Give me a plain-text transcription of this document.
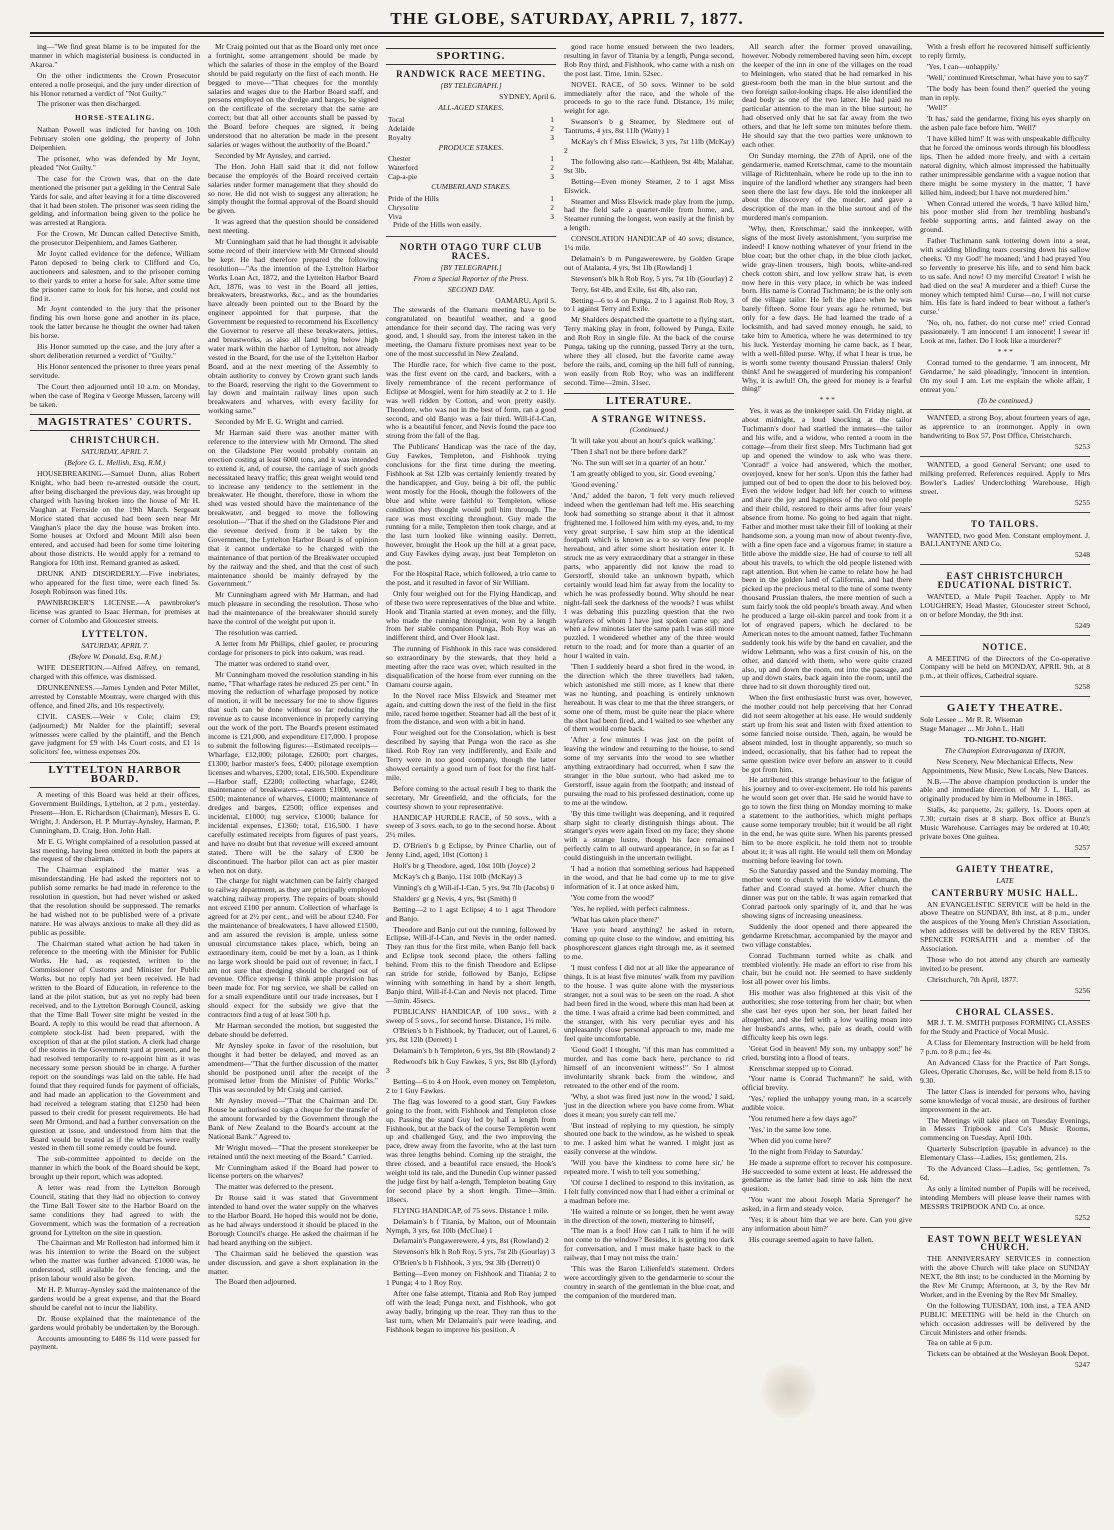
THE GLOBE, SATURDAY, APRIL 7, 1877.

ing—"We find great blame is to be imputed for the manner in which magisterial business is conducted in Akaroa."

On the other indictments the Crown Prosecutor entered a nolle prosequi, and the jury under direction of his Honor returned a verdict of "Not Guilty."

The prisoner was then discharged.

HORSE-STEALING.

Nathan Powell was indicted for having on 10th February stolen one gelding, the property of John Deipenhien.

The prisoner, who was defended by Mr Joynt, pleaded "Not Guilty."

The case for the Crown was, that on the date mentioned the prisoner put a gelding in the Central Sale Yards for sale, and after leaving it for a time discovered that it had been stolen. The prisoner was seen riding the gelding, and information being given to the police he was arrested at Rangiora.

For the Crown, Mr Duncan called Detective Smith, the prosecutor Deipenhiem, and James Gatherer.

Mr Joynt called evidence for the defence, William Paton deposed to being clerk to Clifford and Co, auctioneers and salesmen, and to the prisoner coming to their yards to enter a horse for sale. After some time the prisoner came to look for his horse, and could not find it.

Mr Joynt contended to the jury that the prisoner finding his own horse gone and another in its place, took the latter because he thought the owner had taken his horse.

His Honor summed up the case, and the jury after a short deliberation returned a verdict of "Guilty."

His Honor sentenced the prisoner to three years penal servitude.

The Court then adjourned until 10 a.m. on Monday, when the case of Regina v George Mussen, larceny will be taken.

MAGISTRATES' COURTS.
CHRISTCHURCH.
SATURDAY, APRIL 7.
(Before G. L. Mellish, Esq, R.M.)

HOUSEBREAKING.—Samuel Dunn, alias Robert Knight, who had been re-arrested outside the court, after being discharged the previous day, was brought up charged with having broken into the house of Mr H. Vaughan at Fernside on the 19th March. Sergeant Morice stated that accused had been seen near Mr Vaughan's place the day the house was broken into. Some houses at Oxford and Mount Mill also been entered, and accused had been for some time loitering about those districts. He would apply for a remand to Rangiora for 10th inst. Remand granted as asked.

DRUNK AND DISORDERLY.—Five inebriates, who appeared for the first time, were each fined 5s. Joseph Robinson was fined 10s.

PAWNBROKER'S LICENSE.—A pawnbroker's license was granted to Isaac Herman, for premises at corner of Colombo and Gloucester streets.

LYTTELTON.
SATURDAY, APRIL 7.
(Before W. Donald, Esq, R.M.)

WIFE DESERTION.—Alfred Alfrey, on remand, charged with this offence, was dismissed.

DRUNKENNESS.—James Lynden and Peter Millet, arrested by Constable Moutray, were charged with this offence, and fined 20s, and 10s respectively.

CIVIL CASES.—Weir v Cole; claim £9; (adjourned;) Mr Nalder for the plaintiff; several witnesses were called by the plaintiff, and the Bench gave judgment for £9 with 14s Court costs, and £1 1s solicitors' fee, witness expenses 20s.

LYTTELTON HARBOR BOARD.

A meeting of this Board was held at their offices, Government Buildings, Lyttelton, at 2 p.m., yesterday. Present—Hon. E. Richardson (Chairman), Messrs E. G. Wright, J. Anderson, H. P. Murray-Aynsley, Harman, P. Cunningham, D. Craig, Hon. John Hall.

Mr E. G. Wright complained of a resolution passed at last meeting, having been omitted in both the papers at the request of the chairman.

The Chairman explained the matter was a misunderstanding. He had asked the reporters not to publish some remarks he had made in reference to the resolution in question, but had never wished or asked that the resolution should be suppressed. The remarks he had wished not to be published were of a private nature. He was always anxious to make all they did as public as possible.

The Chairman stated what action he had taken in reference to the meeting with the Minister for Public Works. He had, as requested, written to the Commissioner of Customs and Minister for Public Works, but no reply had yet been received. He had written to the Board of Education, in reference to the land at the pilot station, but as yet no reply had been received, and to the Lyttelton Borough Council, asking that the Time Ball Tower site might be vested in the Board. A reply to this would be read that afternoon. A complete stock-list had been prepared, with the exception of that at the pilot station. A clerk had charge of the stores in the Government yard at present, and he had resolved temporarily to re-appoint him as it was necessary some person should be in charge. A further report on the soundings was laid on the table. He had found that they required funds for payment of officials, and had made an application to the Government and had received a telegram stating that £1250 had been passed to their credit for present requirements. He had seen Mr Ormond, and had a further conversation on the question at issue, and understood from him that the Board would be treated as if the wharves were really vested in them till some remedy could be found.

The sub-committee appointed to decide on the manner in which the book of the Board should be kept, brought up their report, which was adopted.

A letter was read from the Lyttelton Borough Council, stating that they had no objection to convey the Time Ball Tower site to the Harbor Board on the same conditions they had agreed to with the Government, which was the formation of a recreation ground for Lyttelton on the site in question.

The Chairman and Mr Rolleston had informed him it was his intention to write the Board on the subject when the matter was further advanced. £1000 was, he understood, still available for the fencing, and the prison labour would also be given.

Mr H. P. Murray-Aynsley said the maintenance of the gardens would be a great expense, and that the Board should be careful not to incur the liability.

Dr. Rouse explained that the maintenance of the gardens would probably be undertaken by the Borough.

Accounts amounting to £486 9s 11d were passed for payment.

Mr Craig pointed out that as the Board only met once a fortnight, some arrangement should be made by which the salaries of those in the employ of the Board should be paid regularly on the first of each month. He begged to move—"That cheques for the monthly salaries and wages due to the Harbor Board staff, and persons employed on the dredge and barges, be signed on the certificate of the secretary that the same are correct; but that all other accounts shall be passed by the Board before cheques are signed, it being understood that no alteration be made in the present salaries or wages without the authority of the Board."

Seconded by Mr Aynsley, and carried.

The Hon. John Hall said that it did not follow because the employés of the Board received certain salaries under former management that they should do so now. He did not wish to suggest any alteration; he simply thought the formal approval of the Board should be given.

It was agreed that the question should be considered next meeting.

Mr Cunningham said that he had thought it advisable some record of their interview with Mr Ormond should be kept. He had therefore prepared the following resolution—"As the intention of the Lyttelton Harbor Works Loan Act, 1872, and the Lyttelton Harbor Board Act, 1876, was to vest in the Board all jetties, breakwaters, breastworks, &c., and as the boundaries have already been pointed out to the Board by the engineer appointed for that purpose, that the Government be requested to recommend his Excellency the Governor to reserve all these breakwaters, jetties, and breastworks, as also all land lying below high water mark within the harbor of Lyttelton, not already vested in the Board, for the use of the Lyttelton Harbor Board, and at the next meeting of the Assembly to obtain authority to convey by Crown grant such lands to the Board, reserving the right to the Government to lay down and maintain railway lines upon such breakwaters and wharves, with every facility for working same."

Seconded by Mr E. G. Wright and carried.

Mr Harman said there was another matter with reference to the interview with Mr Ormond. The shed on the Gladstone Pier would probably contain an erection costing at least 6000 tons, and it was intended to extend it, and, of course, the carriage of such goods necessitated heavy traffic; this great weight would tend to increase any tendency to the settlement in the breakwater. He thought, therefore, those in whom the shed was vested should have the maintenance of the breakwater, and begged to move the following resolution—"That if the shed on the Gladstone Pier and the revenue derived from it be taken by the Government, the Lyttelton Harbor Board is of opinion that it cannot undertake to be charged with the maintenance of that portion of the Breakwater occupied by the railway and the shed, and that the cost of such maintenance should be mainly defrayed by the Government."

Mr Cunningham agreed with Mr Harman, and had much pleasure in seconding the resolution. Those who had the maintenance of the breakwater should surely have the control of the weight put upon it.

The resolution was carried.

A letter from Mr Phillips, chief gaoler, re procuring cordage for prisoners to pick into oakum, was read.

The matter was ordered to stand over.

Mr Cunningham moved the resolution standing in his name, "That wharfage rates be reduced 25 per cent." In moving the reduction of wharfage proposed by notice of motion, it will be necessary for me to show figures that such can be done without so far reducing the revenue as to cause inconvenience in properly carrying out the work of the port. The Board's present estimated income is £21,000, and expenditure £17,000. I propose to submit the following figures:—Estimated receipts—Wharfage, £12,000; pilotage, £2600; port charges, £1300; harbor master's fees, £400; pilotage exemption licenses and wharves, £200; total, £16,500. Expenditure—Harbor staff, £2200; collecting wharfage, £240; maintenance of breakwaters—eastern £1000, western £500; maintenance of wharves, £1000; maintenance of dredges and barges, £2500; office expenses and incidental, £1000; tug service, £1000; balance for incidental expenses, £1360; total, £16,500. I have carefully estimated receipts from figures of past years, and have no doubt but that revenue will exceed amount stated. There will be the salary of £300 be discontinued. The harbor pilot can act as pier master when not on duty.

The charge for night watchmen can be fairly charged to railway department, as they are principally employed watching railway property. The repairs of boats should not exceed £100 per annum. Collection of wharfage is agreed for at 2½ per cent., and will be about £240. For the maintenance of breakwaters, I have allowed £1500, and am assured the revision is ample, unless some unusual circumstance takes place, which, being an extraordinary item, could be met by a loan, as I think no large work should be paid out of revenue; in fact, I am not sure that dredging should be charged out of revenue. Office expense I think ample provision has been made for. For tug service, we shall be called on for a small expenditure until our trade increases, but I should expect for the subsidy we give that the contractors find a tug of at least 500 h.p.

Mr Harman seconded the motion, but suggested the debate should be deferred.

Mr Aynsley spoke in favor of the resolution, but thought it had better be delayed, and moved as an amendment—"That the further discussion of the matter should be postponed until after the receipt of the promised letter from the Minister of Public Works." This was seconded by Mr Craig and carried.

Mr Aynsley moved—"That the Chairman and Dr. Rouse be authorised to sign a cheque for the transfer of the amount forwarded by the Government through the Bank of New Zealand to the Board's account at the National Bank." Agreed to.

Mr Wright moved—"That the present storekeeper be retained until the next meeting of the Board." Carried.

Mr Cunningham asked if the Board had power to license porters on the wharves?

The matter was deferred to the present.

Dr Rouse said it was stated that Government intended to hand over the water supply on the wharves to the Harbor Board. He hoped this would not be done, as he had always understood it should be placed in the Borough Council's charge. He asked the chairman if he had heard anything on the subject.

The Chairman said he believed the question was under discussion, and gave a short explanation in the matter.

The Board then adjourned.

SPORTING.
RANDWICK RACE MEETING.
[BY TELEGRAPH.]
SYDNEY, April 6.
ALL-AGED STAKES.
Tocal	1
Adelaide	2
Royalty	3
PRODUCE STAKES.
Chester	1
Waterford	2
Cap-a-pie	3
CUMBERLAND STAKES.
Pride of the Hills	1
Chrysolite	2
Viva	3

Pride of the Hills won easily.

NORTH OTAGO TURF CLUB RACES.
[BY TELEGRAPH.]
From a Special Reporter of the Press.
SECOND DAY.
OAMARU, April 5.

The stewards of the Oamaru meeting have to be congratulated on beautiful weather, and a good attendance for their second day. The racing was very good, and, I should say, from the interest taken in the meeting, the Oamaru fixture promises next year to be one of the most successful in New Zealand.

The Hurdle race, for which five came to the post, was the first event on the card, and backers, with a lively remembrance of the recent performance of Eclipse at Mosgiel, went for him steadily at 2 to 1. He was well ridden by Cotton, and won pretty easily. Theodore, who was not in the best of form, ran a good second, and old Banjo was a fair third. Will-if-I-Can, who is a beautiful fencer, and Nevis found the pace too strong from the fall of the flag.

The Publicans' Handicap was the race of the day, Guy Fawkes, Templeton, and Fishhook trying conclusions for the first time during the meeting. Fishhook at Sst 12lb was certainly leniently treated by the handicapper, and Guy, being a bit off, the public went mostly for the Hook, though the followers of the blue and white were faithful to Templeton, whose condition they thought would pull him through. The race was most exciting throughout. Guy made the running for a mile, Templeton then took charge, and at the last turn looked like winning easily. Derrett, however, brought the Hook up the hill at a great pace, and Guy Fawkes dying away, just beat Templeton on the post.

For the Hospital Race, which followed, a trio came to the post, and it resulted in favor of Sir William.

Only four weighed out for the Flying Handicap, and of these two were representatives of the blue and white. Hook and Titania started at even money, and the filly, who made the running throughout, won by a length from her stable companion Punga, Rob Roy was an indifferent third, and Over Hook last.

The running of Fishhook in this race was considered so extraordinary by the stewards, that they held a meeting after the race was over, which resulted in the disqualification of the horse from ever running on the Oamaru course again.

In the Novel race Miss Elswick and Steamer met again, and cutting down the rest of the field in the first mile, raced home together. Steamer had all the best of it from the distance, and won with a bit in hand.

Four weighed out for the Consolation, which is best described by saying that Punga won the race as she liked. Rob Roy ran very indifferently, and Exile and Terry were in too good company, though the latter showed certainly a good turn of foot for the first half-mile.

Before coming to the actual result I beg to thank the secretary, Mr Greenfield, and the officials, for the courtesy shown to your representative.

HANDICAP HURDLE RACE, of 50 sovs., with a sweep of 3 sovs. each, to go to the second horse. About 2½ miles.

D. O'Brien's b g Eclipse, by Prince Charlie, out of Jenny Lind, aged, 10st (Cotton) 1

Holt's br g Theodore, aged, 10st 10lb (Joyce) 2

McKay's ch g Banjo, 11st 10lb (McKay) 3

Vinning's ch g Will-if-I-Can, 5 yrs, 9st 7lb (Jacobs) 0

Shalders' gr g Nevis, 4 yrs, 9st (Smith) 0

Betting—2 to 1 agst Eclipse; 4 to 1 agst Theodore and Banjo.

Theodore and Banjo cut out the running, followed by Eclipse, Will-if-I-Can, and Nevis in the order named. They ran thus for the first mile, when Banjo fell back and Eclipse took second place, the others falling behind. From this to the finish Theodore and Eclipse ran stride for stride, followed by Banjo, Eclipse winning with something in hand by a short length, Banjo third, Will-if-I-Can and Nevis not placed. Time—5min. 45secs.

PUBLICANS' HANDICAP, of 100 sovs., with a sweep of 5 sovs., for second horse. Distance, 1½ mile.

O'Brien's b h Fishhook, by Traducer, out of Laurel, 6 yrs, 8st 12lb (Derrett) 1

Delamain's b h Templeton, 6 yrs, 9st 8lb (Rowland) 2

Redwood's blk h Guy Fawkes, 5 yrs, 9st 8lb (Lyford) 3

Betting—6 to 4 on Hook, even money on Templeton, 2 to 1 Guy Fawkes.

The flag was lowered to a good start, Guy Fawkes going to the front, with Fishhook and Templeton close up. Passing the stand Guy led by half a length from Fishhook, but at the back of the course Templeton went up and challenged Guy, and the two improving the pace, drew away from the favorite, who at the last turn was three lengths behind. Coming up the straight, the three closed, and a beautiful race ensued, the Hook's weight told its tale, and the Dunedin Cup winner passed the judge first by half a-length, Templeton beating Guy for second place by a short length. Time—3min. 18secs.

FLYING HANDICAP, of 75 sovs. Distance 1 mile.

Delamain's b f Titania, by Malton, out of Mountain Nymph, 3 yrs, 6st 10lb (McClue) 1

Delamain's Pungawerewere, 4 yrs, 8st (Rowland) 2

Stevenson's blk h Rob Roy, 5 yrs, 7st 2lb (Gourlay) 3

O'Brien's b h Fishhook, 3 yrs, 9st 3lb (Derrett) 0

Betting—Even money on Fishhook and Titania; 2 to 1 Punga; 4 to 1 Roy Roy.

After one false attempt, Titania and Rob Roy jumped off with the lead; Punga next, and Fishhook, who got away badly, bringing up the rear. They ran thus to the last turn, when Mr Delamain's pair were leading, and Fishhook began to improve his position. A

good race home ensued between the two leaders, resulting in favor of Titania by a length, Punga second, Rob Roy third, and Fishhook, who came with a rush on the post last. Time, 1min. 52sec.

NOVEL RACE, of 50 sovs. Winner to be sold immediately after the race, and the whole of the proceeds to go to the race fund. Distance, 1½ mile; weight for age.

Swanson's b g Steamer, by Sledmere out of Tantrums, 4 yrs, 8st 11lb (Watty) 1

McKay's ch f Miss Elswick, 3 yrs, 7st 11lb (McKay) 2

The following also ran:—Kathleen, 9st 4lb; Malahar, 9st 3lb.

Betting—Even money Steamer, 2 to 1 agst Miss Elswick.

Steamer and Miss Elswick made play from the jump, had the field safe a quarter-mile from home, and, Steamer running the longest, won easily at the finish by a length.

CONSOLATION HANDICAP of 40 sovs; distance, 1¼ mile.

Delamain's b m Pungawerewere, by Golden Grape out of Atalanta, 4 yrs, 9st 1lb (Rowland) 1

Stevenson's blk h Rob Roy, 5 yrs, 7st 1lb (Gourlay) 2

Terry, 6st 4lb, and Exile, 6st 4lb, also ran.

Betting—6 to 4 on Punga, 2 to 1 against Rob Roy, 3 to 1 against Terry and Exile.

Mr Shalders despatched the quartette to a flying start, Terry making play in front, followed by Punga, Exile and Rob Roy in single file. At the back of the course Punga, taking up the running, passed Terry at the turn, where they all closed, but the favorite came away before the rails, and, coming up the hill full of running, won easily from Rob Roy, who was an indifferent second. Time—2min. 31sec.

LITERATURE.
A STRANGE WITNESS.
(Continued.)

'It will take you about an hour's quick walking.'

'Then I sha'l not be there before dark?'

'No. The sun will set in a quarter of an hour.'

'I am greatly obliged to you, sir. Good evening.'

'Good evening.'

'And,' added the baron, 'I felt very much relieved indeed when the gentleman had left me. His searching look had something so strange about it that it almost frightened me. I followed him with my eyes, and, to my very great surprise, I saw him stop at the identical footpath which is known as a to so very few people hereabout, and after some short hesitation enter it. It struck me as very extraordinary that a stranger in these parts, who apparently did not know the road to Gerstorff, should take an unknown bypath, which certainly would lead him far away from the locality to which he was professedly bound. Why should he near night-fall seek the darkness of the woods? I was whilst I was debating this puzzling question that the two wayfarers of whom I have just spoken came up; and when a few minutes later the same path I was still more puzzled. I wondered whether any of the three would return to the road; and for more than a quarter of an hour I waited in vain.

'Then I suddenly heard a shot fired in the wood, in the direction which the three travellers had taken, which astonished me still more, as I knew that there was no hunting, and poaching is entirely unknown hereabout. It was clear to me that the three strangers, or some one of them, must be quite near the place where the shot had been fired, and I waited to see whether any of them would come back.

'After a few minutes I was just on the point of leaving the window and returning to the house, to send some of my servants into the wood to see whether anything extraordinary had occurred, when I saw the stranger in the blue surtout, who had asked me to Gerstorff, issue again from the footpath; and instead of pursuing the road to his professed destination, come up to me at the window.

'By this time twilight was deepening, and it required sharp sight to clearly distinguish things about. The stranger's eyes were again fixed on my face; they shone with a strange lustre, though his face remained perfectly calm to all outward appearance, in so far as I could distinguish in the uncertain twilight.

'I had a notion that something serious had happened in the wood, and that he had come up to me to give information of it. I at once asked him,

'You come from the wood?'

'Yes, he replied, with perfect calmness.

'What has taken place there?'

'Have you heard anything? he asked in return, coming up quite close to the window, and emitting his phosphorescent glances right through me, as it seemed to me.

'I must confess I did not at all like the appearance of things. It is at least five minutes' walk from my pavilion to the house. I was quite alone with the mysterious stranger, not a soul was to be seen on the road. A shot had been fired in the wood, where this man had been at the time. I was afraid a crime had been committed, and the stranger, with his very peculiar eyes and his unpleasantly close personal approach to me, made me feel quite uncomfortable.

'Good God! I thought, "if this man has committed a murder, and has come back here, perchance to rid himself of an inconvenient witness!" So I almost involuntarily shrank back from the window, and retreated to the other end of the room.

'Why, a shot was fired just now in the wood,' I said, 'just in the direction where you have come from. What does it mean; you surely can tell me.'

'But instead of replying to my question, he simply shouted one back to the window, as he wished to speak to me. I asked him what he wanted. I might just as easily converse at the window.

'Will you have the kindness to come here sir,' he repeated more. 'I wish to tell you something.'

'Of course I declined to respond to this invitation, as I felt fully convinced now that I had either a criminal or a madman before me.

'He waited a minute or so longer, then he went away in the direction of the town, muttering to himself,

'The man is a fool! How can I talk to him if he will not come to the window? Besides, it is getting too dark for conversation, and I must make haste back to the railway, that I may not miss the train.'

'This was the Baron Lilienfeld's statement. Orders were accordingly given to the gendarmerie to scour the country in search of the gentleman in the blue coat, and the companion of the murdered man.

All search after the former proved unavailing, however. Nobody remembered having seen him, except the keeper of the inn in one of the villages on the road to Meiningen, who stated that he had remarked in his guest-room both the man in the blue surtout and the two foreign sailor-looking chaps. He also identified the dead body as one of the two latter. He had paid no particular attention to the man in the blue surtout; he had observed only that he sat far away from the two others, and that he left some ten minutes before them. He should say that the two parties were unknown to each other.

On Sunday morning, the 27th of April, one of the gendarmerie, named Kretschmar, came to the mountain village of Richtenhain, where he rode up to the inn to inquire of the landlord whether any strangers had been seen there the last few days. He told the innkeeper all about the discovery of the murder, and gave a description of the man in the blue surtout and of the murdered man's companion.

'Why, then, Kretschmar,' said the innkeeper, with signs of the most lively astonishment, 'you surprise me indeed! I know nothing whatever of your friend in the blue coat; but the other chap, in the blue cloth jacket, wide gray-linen trousers, high boots, white-and-red check cotton shirt, and low yellow straw hat, is even now here in this very place, in which he was indeed born. His name is Conrad Tuchmann; he is the only son of the village tailor. He left the place when he was barely fifteen. Some four years ago he returned, but only for a few days. He had learned the trade of a locksmith, and had saved money enough, he said, to take him to America, where he was determined to try his luck. Yesterday morning he came back, as I hear, with a well-filled purse. Why, if what I hear is true, he is worth some twenty thousand Prussian thalers! Only think! And he swaggered of murdering his companion! Why, it is awful! Oh, the greed for money is a fearful thing!'

* * *

Yes, it was as the innkeeper said. On Friday night, at about midnight, a loud knocking at the tailor Tuchmann's door had startled the inmates—the tailor and his wife, and a widow, who rented a room in the cottage—from their first sleep. Mrs Tuchmann had got up and opened the window to ask who was there. 'Conrad!' a voice had answered, which the mother, overjoyed, knew for her son's. Upon this the father had jumped out of bed to open the door to his beloved boy. Even the widow lodger had left her couch to witness and share the joy and happiness of the two old people and their child, restored to their arms after four years' absence from home. No going to bed again that night. Father and mother must take their fill of looking at their handsome son, a young man now of about twenty-five, with a fine open face and a vigorous frame; in stature a little above the middle size. He had of course to tell all about his travels, to which the old people listened with rapt attention. But when he came to relate how he had been in the golden land of California, and had there picked up the precious metal to the tune of some twenty thousand Prussian thalers, the mere mention of such a sum fairly took the old people's breath away. And when he produced a large oil-skin parcel and took from it a lot of engraved papers, which he declared to be American notes to the amount named, father Tuchmann suddenly took his wife by the hand en cavalier, and the widow Lehmann, who was a first cousin of his, on the other, and danced with them, who were quite crazed also, up and down the room, out into the passage, and up and down stairs, back again into the room, until the three had to sit down thoroughly tired out.

When the first enthusiastic burst was over, however, the mother could not help perceiving that her Conrad did not seem altogether at his ease. He would suddenly start up from his seat and listen with fixed attention to some fancied noise outside. Then, again, he would be absent minded, lost in thought apparently, so much so indeed, occasionally, that his father had to repeat the same question twice over before an answer to it could be got from him.

He attributed this strange behaviour to the fatigue of his journey and to over-excitement. He told his parents he would soon get over that. He said he would have to go to town the first thing on Monday morning to make a statement to the authorities, which might perhaps cause some temporary trouble; but it would be all right in the end, he was quite sure. When his parents pressed him to be more explicit, he told them not to trouble about it; it was all right. He would tell them on Monday morning before leaving for town.

So the Saturday passed and the Sunday morning. The mother went to church with the widow Lehmann, the father and Conrad stayed at home. After church the dinner was put on the table. It was again remarked that Conrad partook only sparingly of it, and that he was showing signs of increasing uneasiness.

Suddenly the door opened and there appeared the gendarme Kretschmar, accompanied by the mayor and two village constables.

Conrad Tuchmann turned white as chalk and trembled violently. He made an effort to rise from his chair, but he could not. He seemed to have suddenly lost all power over his limbs.

His mother was also frightened at this visit of the authorities; she rose tottering from her chair; but when she cast her eyes upon her son, her heart failed her altogether, and she fell with a low wailing moan into her husband's arms, who, pale as death, could with difficulty keep his own legs.

'Great God in heaven! My son, my unhappy son!' he cried, bursting into a flood of tears.

Kretschmar stepped up to Conrad.

'Your name is Conrad Tuchmann?' he said, with official brevity.

'Yes,' replied the unhappy young man, in a scarcely audible voice.

'You returned here a few days ago?'

'Yes,' in the same low tone.

'When did you come here?'

'In the night from Friday to Saturday.'

He made a supreme effort to recover his composure. He succeeded to some extent at least. He addressed the gendarme as the latter had time to ask him the next question.

'You want me about Joseph Maria Sprenger?' he asked, in a firm and steady voice.

'Yes; it is about him that we are here. Can you give any information about him?'

His courage seemed again to have fallen.

With a fresh effort he recovered himself sufficiently to reply firmly,

'Yes, I can—unhappily.'

'Well,' continued Kretschmar, 'what have you to say?'

'The body has been found then?' queried the young man in reply.

'Well?'

'It has,' said the gendarme, fixing his eyes sharply on the ashen pale face before him. 'Well?'

'I have killed him!' It was with unspeakable difficulty that he forced the ominous words through his bloodless lips. Then he added more freely, and with a certain natural dignity, which almost impressed the habitually rather unimpressible gendarme with a vague notion that there might be some mystery in the matter, 'I have killed him, indeed; but I have not murdered him.'

When Conrad uttered the words, 'I have killed him,' his poor mother slid from her trembling husband's feeble supporting arms, and fainted away on the ground.

Father Tuchmann sank tottering down into a seat, with scalding blinding tears coursing down his sallow cheeks. 'O my God!' he moaned; 'and I had prayed You so fervently to preserve his life, and to send him back to us safe. And now! O my merciful Creator! I wish he had died on the sea! A murderer and a thief! Curse the money which tempted him! Curse—no, I will not curse him. His fate is hard indeed to bear without a father's curse.'

'No, oh, no, father, do not curse me!' cried Conrad passionately. 'I am innocent! I am innocent! I swear it! Look at me, father. Do I look like a murderer?'

* * *

Conrad turned to the gendarme. 'I am innocent, Mr Gendarme,' he said pleadingly, 'innocent in intention. On my soul I am. Let me explain the whole affair, I entreat you.'

(To be continued.)

WANTED, a strong Boy, about fourteen years of age, as apprentice to an ironmonger. Apply in own handwriting to Box 57, Post Office, Christchurch.

5253

WANTED, a good General Servant; one used to milking preferred. References required. Apply to Mrs Bowler's Ladies' Underclothing Warehouse, High street.

5255
TO TAILORS.

WANTED, two good Men. Constant employment. J. BALLANTYNE AND Co.

5248
EAST CHRISTCHURCH EDUCATIONAL DISTRICT.

WANTED, a Male Pupil Teacher. Apply to Mr LOUGHREY, Head Master, Gloucester street School, on or before Monday, the 9th inst.

5249
NOTICE.

A MEETING of the Directors of the Co-operative Company will be held on MONDAY, APRIL 9th, at 8 p.m., at their offices, Cathedral square.

5258
GAIETY THEATRE.
Sole Lessee ... Mr R. R. Wiseman
Stage Manager ... Mr John L. Hall
TO-NIGHT. TO-NIGHT.
The Champion Extravaganza of IXION,
New Scenery, New Mechanical Effects, New Appointments, New Music, New Locals, New Dances.

N.B.—The above champion production is under the able and immediate direction of Mr J. L. Hall, as originally produced by him in Melbourne in 1865.

Stalls, 4s; parquette, 2s; gallery, 1s. Doors open at 7.30; curtain rises at 8 sharp. Box office at Bunz's Music Warehouse. Carriages may be ordered at 10.40; private boxes One guinea.

5257
GAIETY THEATRE,
LATE
CANTERBURY MUSIC HALL.

AN EVANGELISTIC SERVICE will be held in the above Theatre on SUNDAY, 8th inst, at 8 p.m., under the auspices of the Young Men's Christian Association, when addresses will be delivered by the REV THOS. SPENCER FORSAITH and a member of the Association.

Those who do not attend any church are earnestly invited to be present.

Christchurch, 7th April, 1877.

5256
CHORAL CLASSES.

MR J. T. M. SMITH purposes FORMING CLASSES for the Study and Practice of Vocal Music.

A Class for Elementary Instruction will be held from 7 p.m. to 8 p.m.; fee 4s.

An Advanced Class for the Practice of Part Songs, Glees, Operatic Choruses, &c, will be held from 8.15 to 9.30.

The latter Class is intended for persons who, having some knowledge of vocal music, are desirous of further improvement in the art.

The Meetings will take place on Tuesday Evenings, in Messrs Tripbook and Co's Music Rooms, commencing on Tuesday, April 10th.

Quarterly Subscription (payable in advance) to the Elementary Class—Ladies, 15s; gentlemen, 21s.

To the Advanced Class—Ladies, 5s; gentlemen, 7s 6d.

As only a limited number of Pupils will be received, intending Members will please leave their names with MESSRS TRIPBOOK AND Co. at once.

5252
EAST TOWN BELT WESLEYAN CHURCH.

THE ANNIVERSARY SERVICES in connection with the above Church will take place on SUNDAY NEXT, the 8th inst; to be conducted in the Morning by the Rev Mr Crump; Afternoon, at 3, by the Rev Mr Worker, and in the Evening by the Rev Mr Smalley.

On the following TUESDAY, 10th inst, a TEA AND PUBLIC MEETING will be held in the Church on which occasion addresses will be delivered by the Circuit Ministers and other friends.

Tea on table at 6 p.m.

Tickets can be obtained at the Wesleyan Book Depot.

5247
